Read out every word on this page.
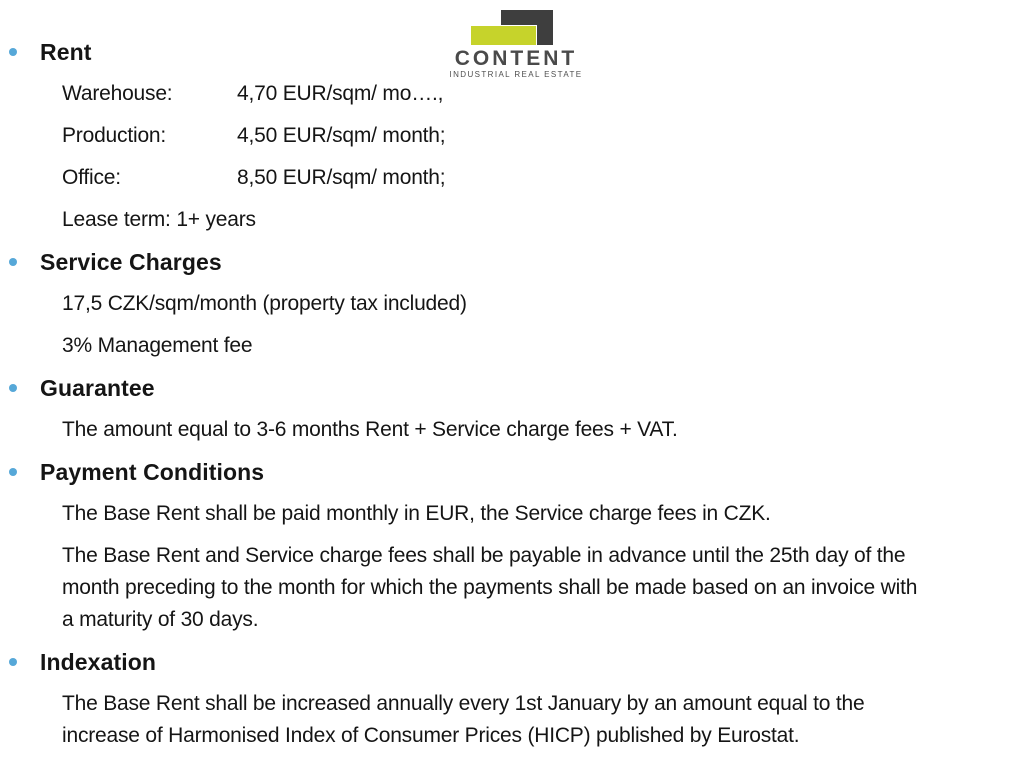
Rent
Warehouse:	4,70 EUR/sqm/ mo….,
Production:	4,50 EUR/sqm/ month;
Office:	8,50 EUR/sqm/ month;
Lease term: 1+ years
Service Charges
17,5 CZK/sqm/month (property tax included)
3% Management fee
Guarantee
The amount equal to 3-6 months Rent + Service charge fees + VAT.
Payment Conditions
The Base Rent shall be paid monthly in EUR, the Service charge fees in CZK.
The Base Rent and Service charge fees shall be payable in advance until the 25th day of the
month preceding to the month for which the payments shall be made based on an invoice with
a maturity of 30 days.
Indexation
The Base Rent shall be increased annually every 1st January by an amount equal to the
increase of Harmonised Index of Consumer Prices (HICP) published by Eurostat.
CONTENT
INDUSTRIAL REAL ESTATE
